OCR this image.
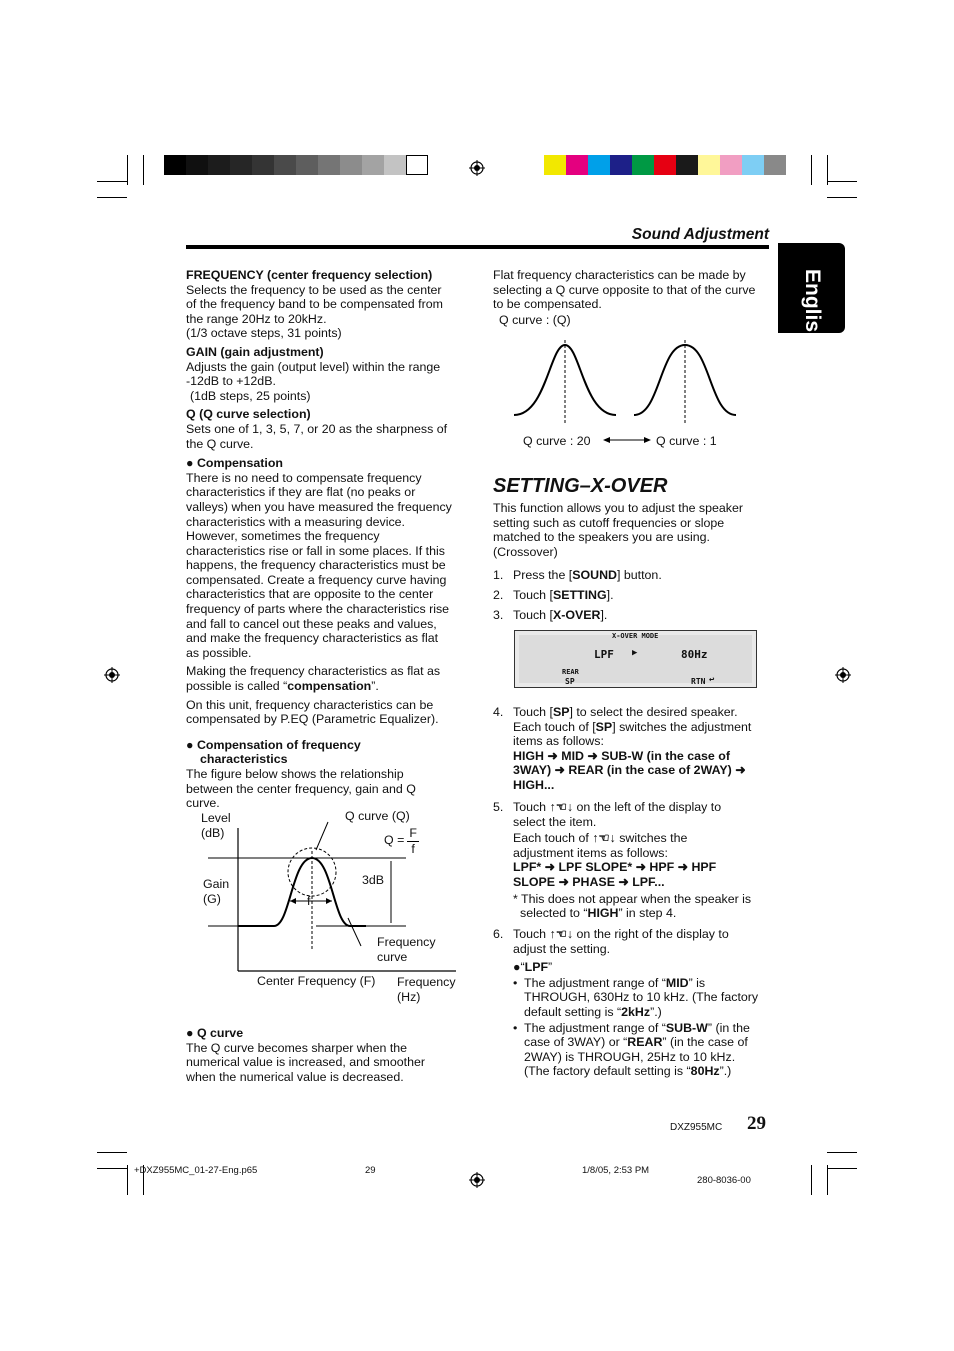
Sound Adjustment
English

FREQUENCY (center frequency selection)

Selects the frequency to be used as the center
of the frequency band to be compensated from
the range 20Hz to 20kHz.
(1/3 octave steps, 31 points)

GAIN (gain adjustment)

Adjusts the gain (output level) within the range
-12dB to +12dB.
(1dB steps, 25 points)

Q (Q curve selection)

Sets one of 1, 3, 5, 7, or 20 as the sharpness of
the Q curve.

● Compensation

There is no need to compensate frequency
characteristics if they are flat (no peaks or
valleys) when you have measured the frequency
characteristics with a measuring device.
However, sometimes the frequency
characteristics rise or fall in some places. If this
happens, the frequency characteristics must be
compensated. Create a frequency curve having
characteristics that are opposite to the center
frequency of parts where the characteristics rise
and fall to cancel out these peaks and values,
and make the frequency characteristics as flat
as possible.

Making the frequency characteristics as flat as
possible is called “compensation”.

On this unit, frequency characteristics can be
compensated by P.EQ (Parametric Equalizer).

● Compensation of frequency
characteristics

The figure below shows the relationship
between the center frequency, gain and Q
curve.

Level
(dB)
Q curve (Q)
$Q = \frac{F}{f}$
3dB
Gain
(G)	f
Frequency
curve
Center Frequency (F) Frequency
(Hz)

● Q curve

The Q curve becomes sharper when the
numerical value is increased, and smoother
when the numerical value is decreased.

Flat frequency characteristics can be made by
selecting a Q curve opposite to that of the curve
to be compensated.
Q curve : (Q)
Q curve : 20	Q curve : 1
SETTING–X-OVER
This function allows you to adjust the speaker
setting such as cutoff frequencies or slope
matched to the speakers you are using.
(Crossover)
1. Press the [SOUND] button.
2. Touch [SETTING].
3. Touch [X-OVER].
X-OVER MODE
LPF ▶	80Hz
REAR
SP	RTN ↩
4. Touch [SP] to select the desired speaker.
Each touch of [SP] switches the adjustment
items as follows:
HIGH ➜ MID ➜ SUB-W (in the case of
3WAY) ➜ REAR (in the case of 2WAY) ➜
HIGH...
5. Touch ↑☜↓ on the left of the display to
select the item.
Each touch of ↑☜↓ switches the
adjustment items as follows:
LPF* ➜ LPF SLOPE* ➜ HPF ➜ HPF
SLOPE ➜ PHASE ➜ LPF...
* This does not appear when the speaker is
selected to “HIGH” in step 4.
6. Touch ↑☜↓ on the right of the display to
adjust the setting.
●“LPF”
• The adjustment range of “MID” is
THROUGH, 630Hz to 10 kHz. (The factory
default setting is “2kHz”.)
• The adjustment range of “SUB-W” (in the
case of 3WAY) or “REAR” (in the case of
2WAY) is THROUGH, 25Hz to 10 kHz.
(The factory default setting is “80Hz”.)
DXZ955MC 29
+DXZ955MC_01-27-Eng.p65	29	1/8/05, 2:53 PM
280-8036-00
